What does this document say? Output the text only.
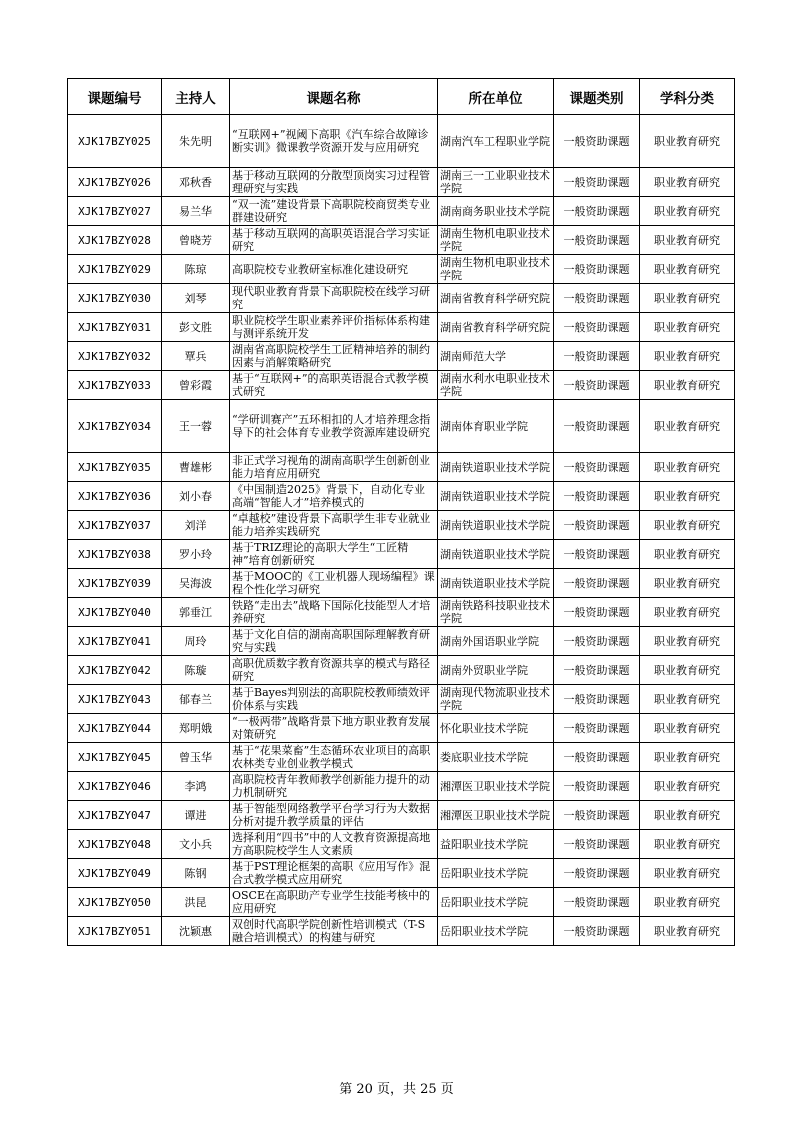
课题编号	主持人	课题名称	所在单位	课题类别	学科分类
XJK17BZY025	朱先明	“互联网+”视阈下高职《汽车综合故障诊断实训》微课教学资源开发与应用研究	湖南汽车工程职业学院	一般资助课题	职业教育研究
XJK17BZY026	邓秋香	基于移动互联网的分散型顶岗实习过程管理研究与实践	湖南三一工业职业技术学院	一般资助课题	职业教育研究
XJK17BZY027	易兰华	“双一流”建设背景下高职院校商贸类专业群建设研究	湖南商务职业技术学院	一般资助课题	职业教育研究
XJK17BZY028	曾晓芳	基于移动互联网的高职英语混合学习实证研究	湖南生物机电职业技术学院	一般资助课题	职业教育研究
XJK17BZY029	陈琼	高职院校专业教研室标准化建设研究	湖南生物机电职业技术学院	一般资助课题	职业教育研究
XJK17BZY030	刘琴	现代职业教育背景下高职院校在线学习研究	湖南省教育科学研究院	一般资助课题	职业教育研究
XJK17BZY031	彭文胜	职业院校学生职业素养评价指标体系构建与测评系统开发	湖南省教育科学研究院	一般资助课题	职业教育研究
XJK17BZY032	覃兵	湖南省高职院校学生工匠精神培养的制约因素与消解策略研究	湖南师范大学	一般资助课题	职业教育研究
XJK17BZY033	曾彩霞	基于“互联网+”的高职英语混合式教学模式研究	湖南水利水电职业技术学院	一般资助课题	职业教育研究
XJK17BZY034	王一蓉	“学研训赛产”五环相扣的人才培养理念指导下的社会体育专业教学资源库建设研究	湖南体育职业学院	一般资助课题	职业教育研究
XJK17BZY035	曹雄彬	非正式学习视角的湖南高职学生创新创业能力培育应用研究	湖南铁道职业技术学院	一般资助课题	职业教育研究
XJK17BZY036	刘小春	《中国制造2025》背景下，自动化专业高端“智能人才”培养模式的	湖南铁道职业技术学院	一般资助课题	职业教育研究
XJK17BZY037	刘洋	“卓越校”建设背景下高职学生非专业就业能力培养实践研究	湖南铁道职业技术学院	一般资助课题	职业教育研究
XJK17BZY038	罗小玲	基于TRIZ理论的高职大学生“工匠精神”培育创新研究	湖南铁道职业技术学院	一般资助课题	职业教育研究
XJK17BZY039	吴海波	基于MOOC的《工业机器人现场编程》课程个性化学习研究	湖南铁道职业技术学院	一般资助课题	职业教育研究
XJK17BZY040	郭垂江	铁路“走出去”战略下国际化技能型人才培养研究	湖南铁路科技职业技术学院	一般资助课题	职业教育研究
XJK17BZY041	周玲	基于文化自信的湖南高职国际理解教育研究与实践	湖南外国语职业学院	一般资助课题	职业教育研究
XJK17BZY042	陈璇	高职优质数字教育资源共享的模式与路径研究	湖南外贸职业学院	一般资助课题	职业教育研究
XJK17BZY043	郁春兰	基于Bayes判别法的高职院校教师绩效评价体系与实践	湖南现代物流职业技术学院	一般资助课题	职业教育研究
XJK17BZY044	郑明娥	“一极两带”战略背景下地方职业教育发展对策研究	怀化职业技术学院	一般资助课题	职业教育研究
XJK17BZY045	曾玉华	基于“花果菜畜”生态循环农业项目的高职农林类专业创业教学模式	娄底职业技术学院	一般资助课题	职业教育研究
XJK17BZY046	李鸿	高职院校青年教师教学创新能力提升的动力机制研究	湘潭医卫职业技术学院	一般资助课题	职业教育研究
XJK17BZY047	谭进	基于智能型网络教学平台学习行为大数据分析对提升教学质量的评估	湘潭医卫职业技术学院	一般资助课题	职业教育研究
XJK17BZY048	文小兵	选择利用“四书”中的人文教育资源提高地方高职院校学生人文素质	益阳职业技术学院	一般资助课题	职业教育研究
XJK17BZY049	陈钢	基于PST理论框架的高职《应用写作》混合式教学模式应用研究	岳阳职业技术学院	一般资助课题	职业教育研究
XJK17BZY050	洪昆	OSCE在高职助产专业学生技能考核中的应用研究	岳阳职业技术学院	一般资助课题	职业教育研究
XJK17BZY051	沈颖惠	双创时代高职学院创新性培训模式（T-S融合培训模式）的构建与研究	岳阳职业技术学院	一般资助课题	职业教育研究
第 20 页，共 25 页
